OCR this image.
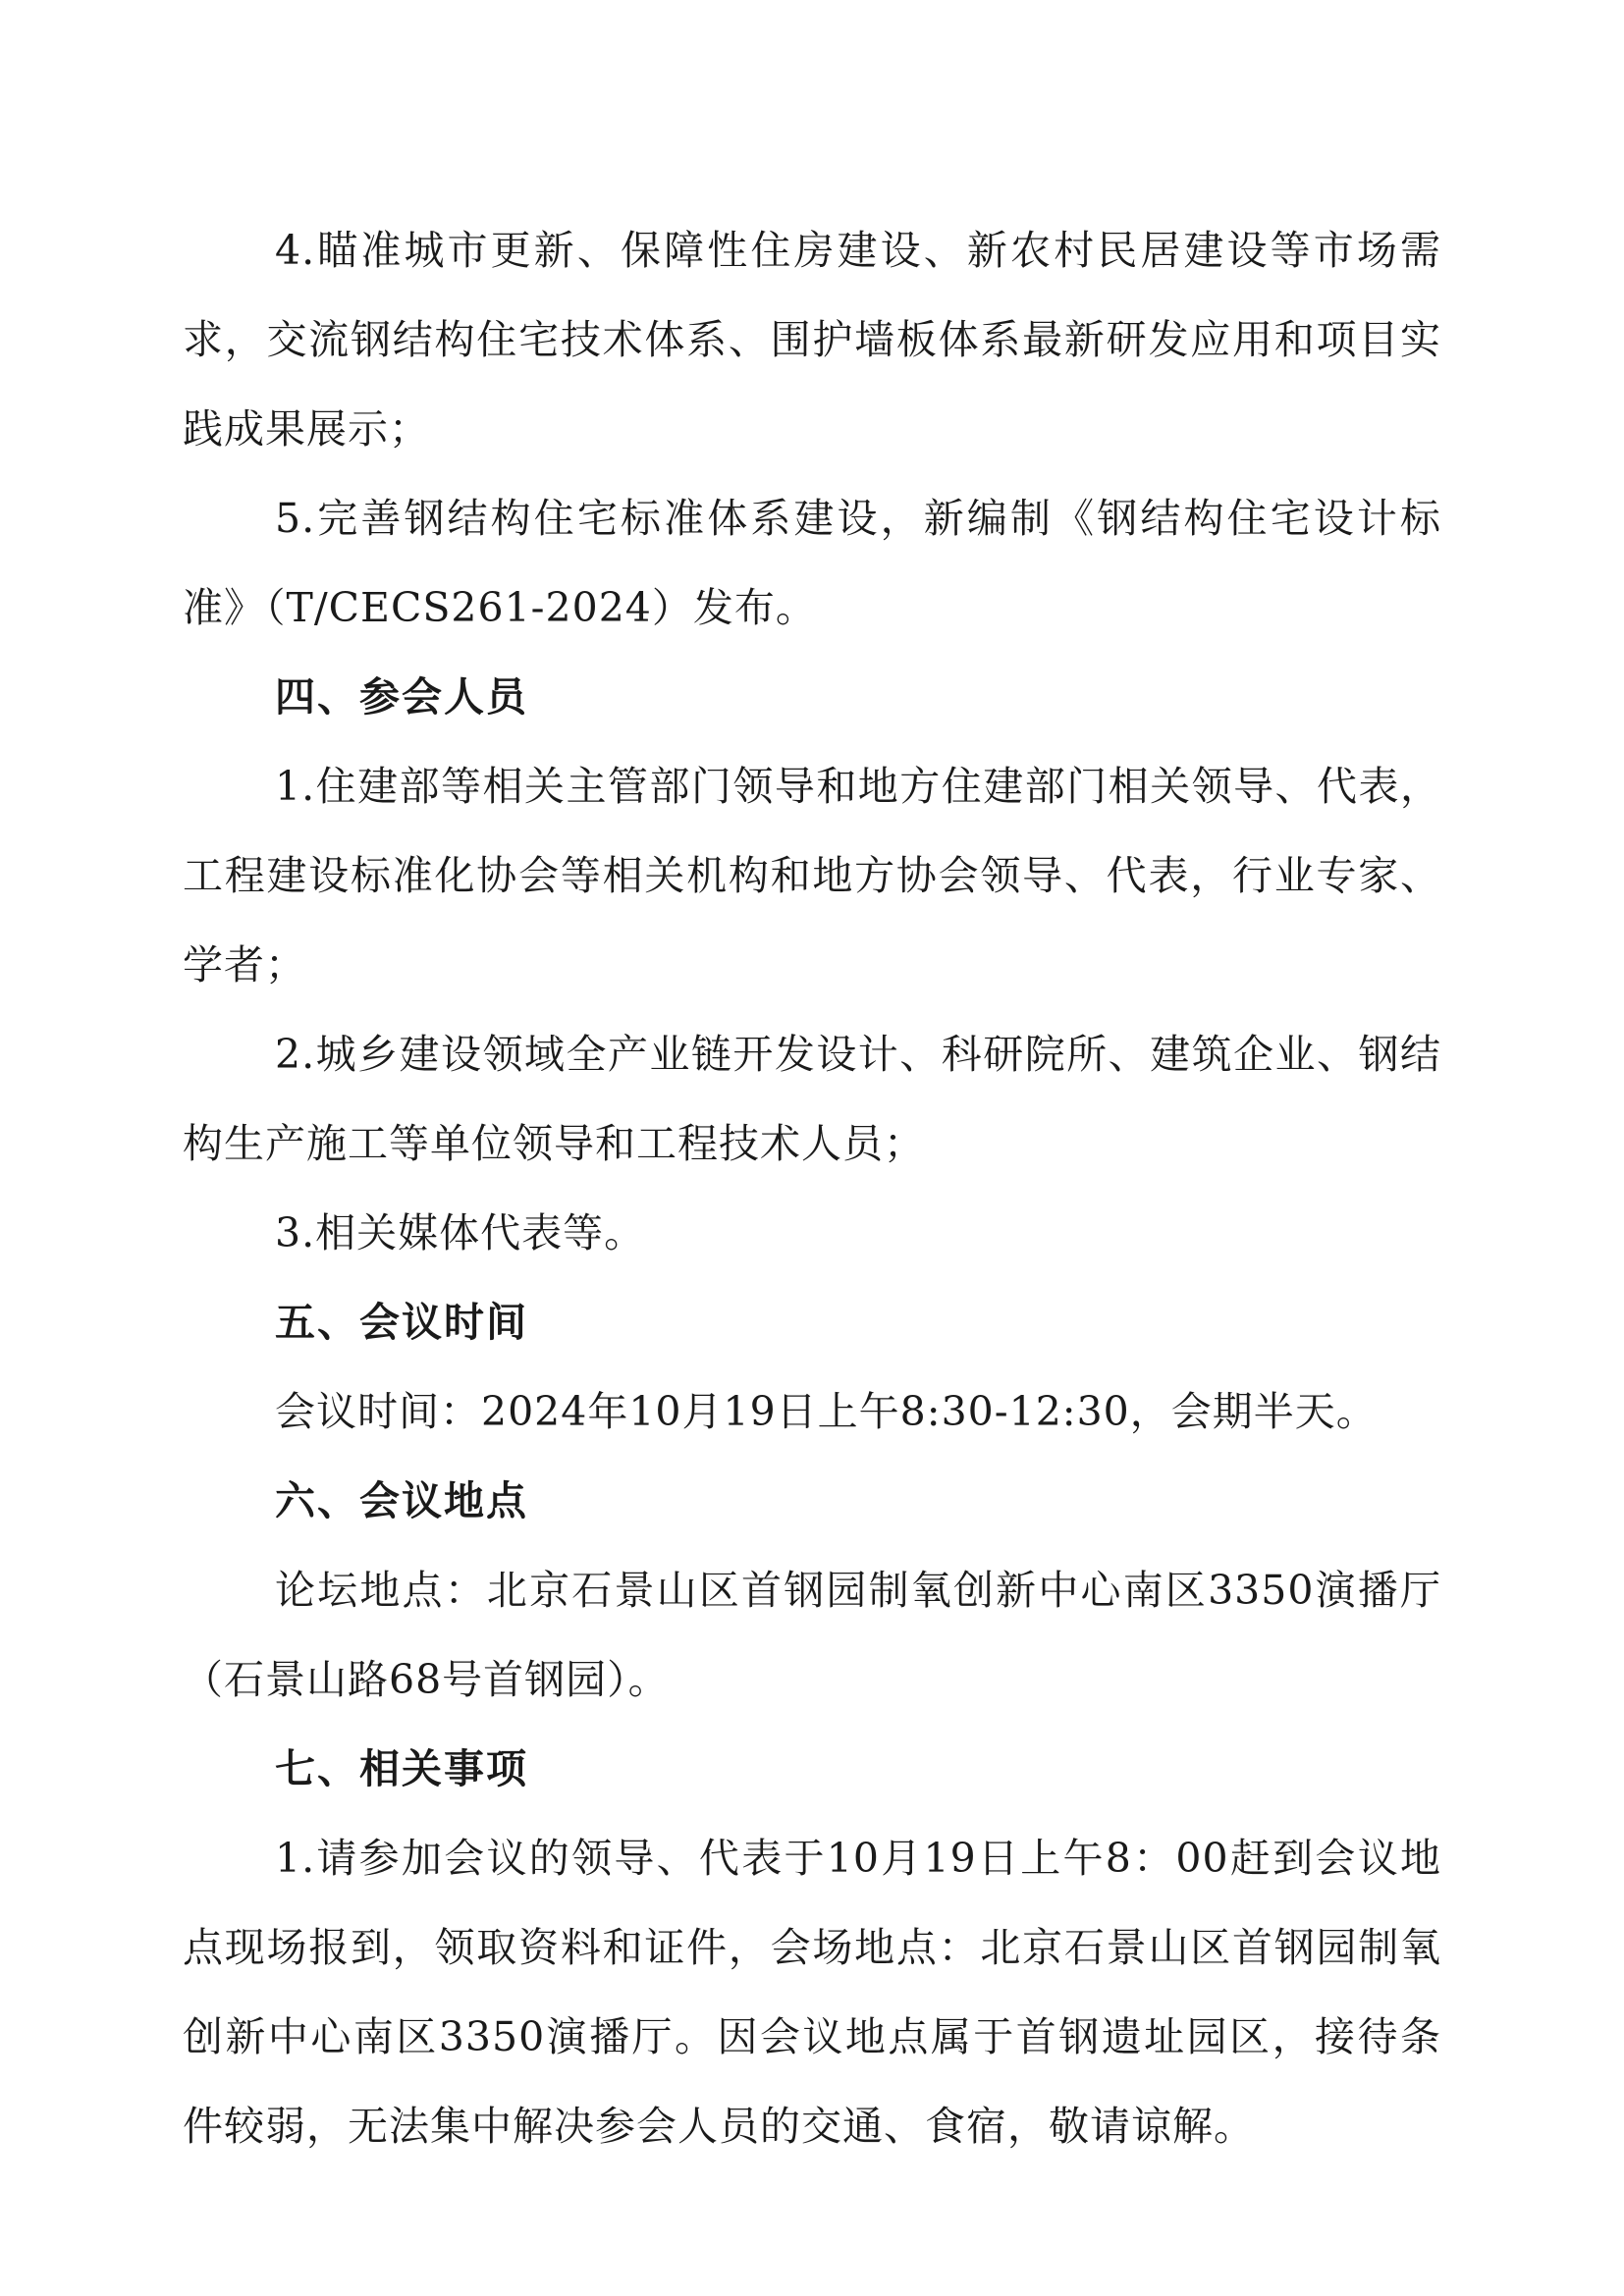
4.瞄准城市更新、保障性住房建设、新农村民居建设等市场需求，交流钢结构住宅技术体系、围护墙板体系最新研发应用和项目实践成果展示；

5.完善钢结构住宅标准体系建设，新编制《钢结构住宅设计标准》（T/CECS261-2024）发布。

四、参会人员

1.住建部等相关主管部门领导和地方住建部门相关领导、代表，工程建设标准化协会等相关机构和地方协会领导、代表，行业专家、学者；

2.城乡建设领域全产业链开发设计、科研院所、建筑企业、钢结构生产施工等单位领导和工程技术人员；

3.相关媒体代表等。

五、会议时间

会议时间：2024年10月19日上午8:30-12:30，会期半天。

六、会议地点

论坛地点：北京石景山区首钢园制氧创新中心南区3350演播厅（石景山路68号首钢园）。

七、相关事项

1.请参加会议的领导、代表于10月19日上午8：00赶到会议地点现场报到，领取资料和证件，会场地点：北京石景山区首钢园制氧创新中心南区3350演播厅。因会议地点属于首钢遗址园区，接待条件较弱，无法集中解决参会人员的交通、食宿，敬请谅解。
